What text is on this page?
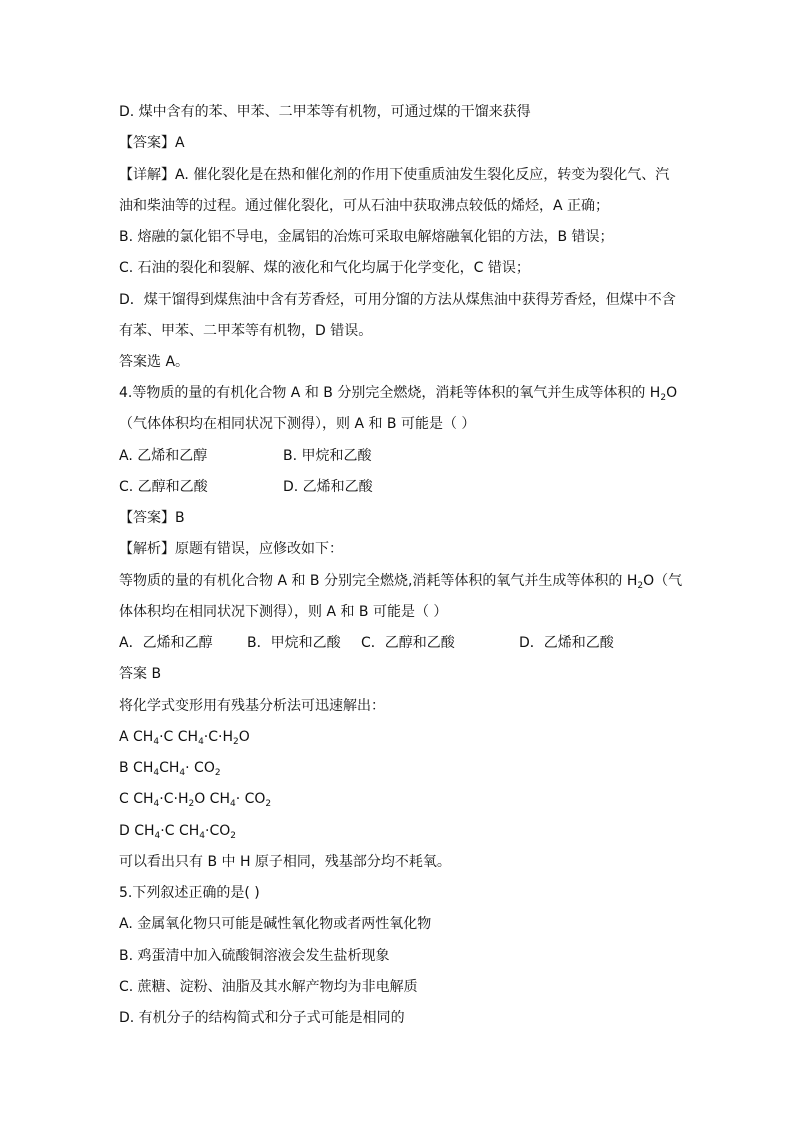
D. 煤中含有的苯、甲苯、二甲苯等有机物，可通过煤的干馏来获得
【答案】A
【详解】A. 催化裂化是在热和催化剂的作用下使重质油发生裂化反应，转变为裂化气、汽
油和柴油等的过程。通过催化裂化，可从石油中获取沸点较低的烯烃，A 正确；
B. 熔融的氯化铝不导电，金属铝的冶炼可采取电解熔融氧化铝的方法，B 错误；
C. 石油的裂化和裂解、煤的液化和气化均属于化学变化，C 错误；
D．煤干馏得到煤焦油中含有芳香烃，可用分馏的方法从煤焦油中获得芳香烃，但煤中不含
有苯、甲苯、二甲苯等有机物，D 错误。
答案选 A。
4.等物质的量的有机化合物 A 和 B 分别完全燃烧，消耗等体积的氧气并生成等体积的 $H_2O$
（气体体积均在相同状况下测得），则 A 和 B 可能是（ ）
A. 乙烯和乙醇	B. 甲烷和乙酸
C. 乙醇和乙酸	D. 乙烯和乙酸
【答案】B
【解析】原题有错误，应修改如下：
等物质的量的有机化合物 A 和 B 分别完全燃烧,消耗等体积的氧气并生成等体积的 $H_2O$（气
体体积均在相同状况下测得），则 A 和 B 可能是（ ）
A．乙烯和乙醇 B．甲烷和乙酸 C．乙醇和乙酸	D．乙烯和乙酸
答案 B
将化学式变形用有残基分析法可迅速解出：
A $CH_4\cdot C$ $CH_4\cdot C\cdot H_2O$
B $CH_4CH_4\cdot CO_2$
C $CH_4\cdot C\cdot H_2O$ $CH_4\cdot CO_2$
D $CH_4\cdot C$ $CH_4\cdot CO_2$
可以看出只有 B 中 H 原子相同，残基部分均不耗氧。
5.下列叙述正确的是( )
A. 金属氧化物只可能是碱性氧化物或者两性氧化物
B. 鸡蛋清中加入硫酸铜溶液会发生盐析现象
C. 蔗糖、淀粉、油脂及其水解产物均为非电解质
D. 有机分子的结构简式和分子式可能是相同的
